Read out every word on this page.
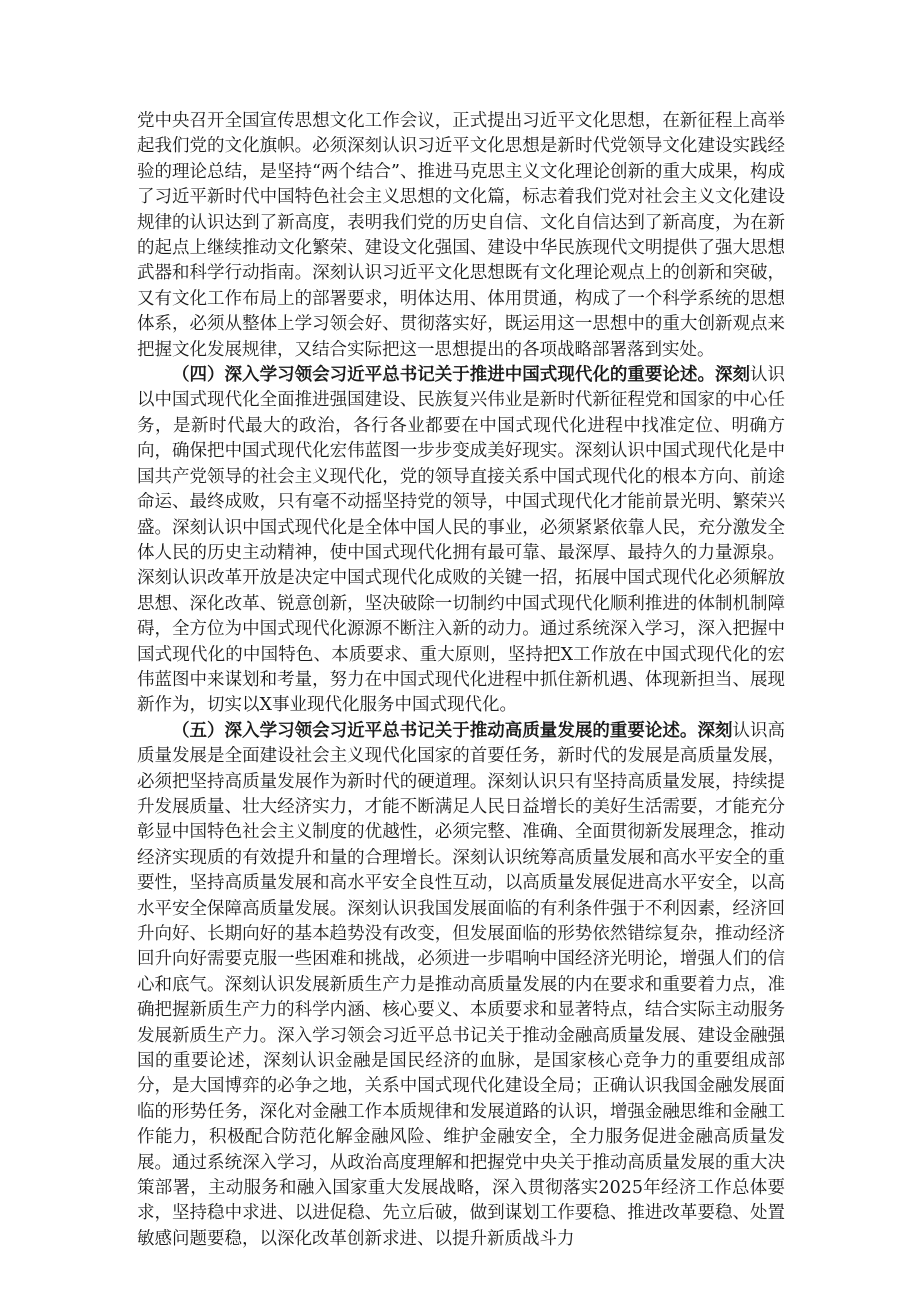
党中央召开全国宣传思想文化工作会议，正式提出习近平文化思想，在新征程上高举起我们党的文化旗帜。必须深刻认识习近平文化思想是新时代党领导文化建设实践经验的理论总结，是坚持“两个结合”、推进马克思主义文化理论创新的重大成果，构成了习近平新时代中国特色社会主义思想的文化篇，标志着我们党对社会主义文化建设规律的认识达到了新高度，表明我们党的历史自信、文化自信达到了新高度，为在新的起点上继续推动文化繁荣、建设文化强国、建设中华民族现代文明提供了强大思想武器和科学行动指南。深刻认识习近平文化思想既有文化理论观点上的创新和突破，又有文化工作布局上的部署要求，明体达用、体用贯通，构成了一个科学系统的思想体系，必须从整体上学习领会好、贯彻落实好，既运用这一思想中的重大创新观点来把握文化发展规律，又结合实际把这一思想提出的各项战略部署落到实处。

（四）深入学习领会习近平总书记关于推进中国式现代化的重要论述。深刻认识以中国式现代化全面推进强国建设、民族复兴伟业是新时代新征程党和国家的中心任务，是新时代最大的政治，各行各业都要在中国式现代化进程中找准定位、明确方向，确保把中国式现代化宏伟蓝图一步步变成美好现实。深刻认识中国式现代化是中国共产党领导的社会主义现代化，党的领导直接关系中国式现代化的根本方向、前途命运、最终成败，只有毫不动摇坚持党的领导，中国式现代化才能前景光明、繁荣兴盛。深刻认识中国式现代化是全体中国人民的事业，必须紧紧依靠人民，充分激发全体人民的历史主动精神，使中国式现代化拥有最可靠、最深厚、最持久的力量源泉。深刻认识改革开放是决定中国式现代化成败的关键一招，拓展中国式现代化必须解放思想、深化改革、锐意创新，坚决破除一切制约中国式现代化顺利推进的体制机制障碍，全方位为中国式现代化源源不断注入新的动力。通过系统深入学习，深入把握中国式现代化的中国特色、本质要求、重大原则，坚持把X工作放在中国式现代化的宏伟蓝图中来谋划和考量，努力在中国式现代化进程中抓住新机遇、体现新担当、展现新作为，切实以X事业现代化服务中国式现代化。

（五）深入学习领会习近平总书记关于推动高质量发展的重要论述。深刻认识高质量发展是全面建设社会主义现代化国家的首要任务，新时代的发展是高质量发展，必须把坚持高质量发展作为新时代的硬道理。深刻认识只有坚持高质量发展，持续提升发展质量、壮大经济实力，才能不断满足人民日益增长的美好生活需要，才能充分彰显中国特色社会主义制度的优越性，必须完整、准确、全面贯彻新发展理念，推动经济实现质的有效提升和量的合理增长。深刻认识统筹高质量发展和高水平安全的重要性，坚持高质量发展和高水平安全良性互动，以高质量发展促进高水平安全，以高水平安全保障高质量发展。深刻认识我国发展面临的有利条件强于不利因素，经济回升向好、长期向好的基本趋势没有改变，但发展面临的形势依然错综复杂，推动经济回升向好需要克服一些困难和挑战，必须进一步唱响中国经济光明论，增强人们的信心和底气。深刻认识发展新质生产力是推动高质量发展的内在要求和重要着力点，准确把握新质生产力的科学内涵、核心要义、本质要求和显著特点，结合实际主动服务发展新质生产力。深入学习领会习近平总书记关于推动金融高质量发展、建设金融强国的重要论述，深刻认识金融是国民经济的血脉，是国家核心竞争力的重要组成部分，是大国博弈的必争之地，关系中国式现代化建设全局；正确认识我国金融发展面临的形势任务，深化对金融工作本质规律和发展道路的认识，增强金融思维和金融工作能力，积极配合防范化解金融风险、维护金融安全，全力服务促进金融高质量发展。通过系统深入学习，从政治高度理解和把握党中央关于推动高质量发展的重大决策部署，主动服务和融入国家重大发展战略，深入贯彻落实2025年经济工作总体要求，坚持稳中求进、以进促稳、先立后破，做到谋划工作要稳、推进改革要稳、处置敏感问题要稳，以深化改革创新求进、以提升新质战斗力
